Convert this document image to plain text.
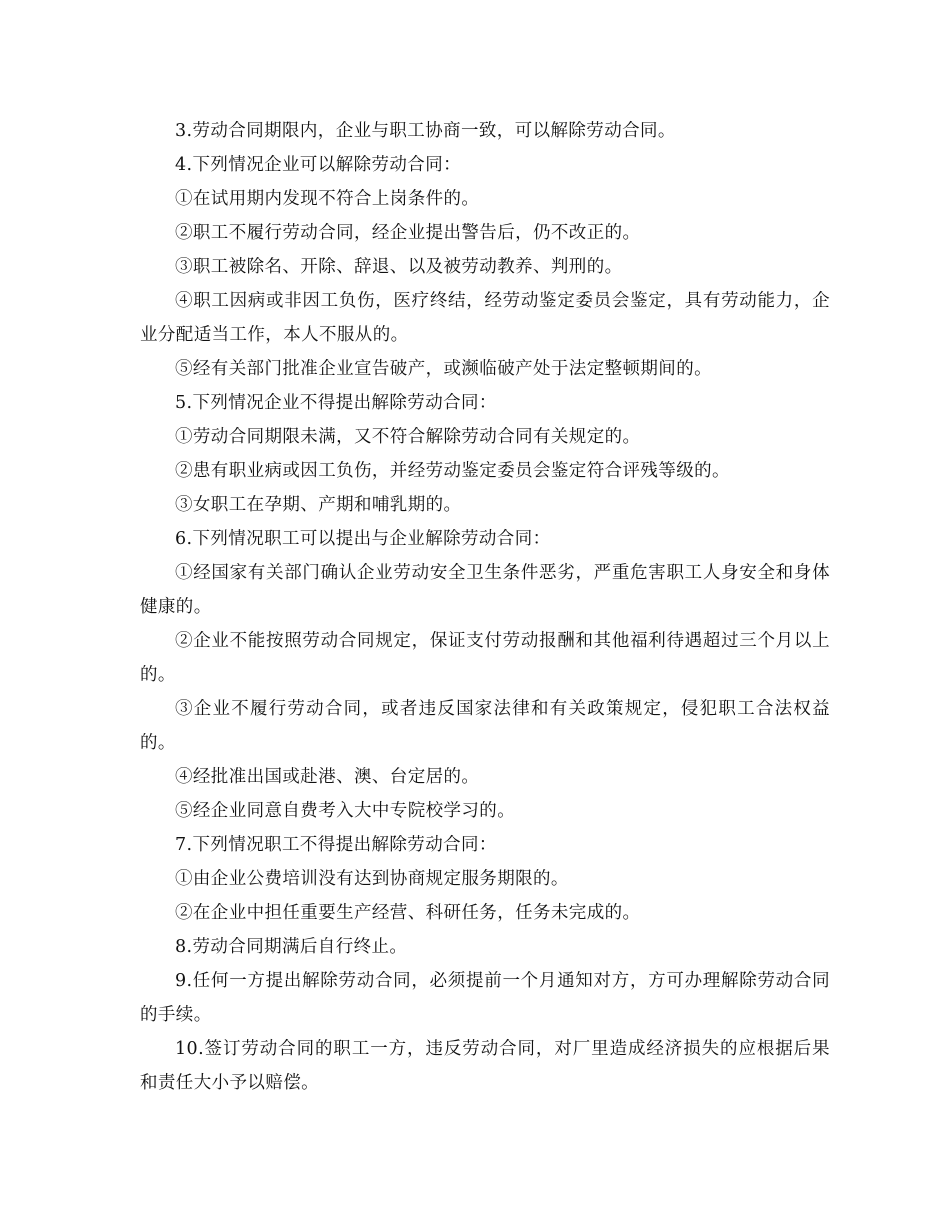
3.劳动合同期限内，企业与职工协商一致，可以解除劳动合同。

4.下列情况企业可以解除劳动合同：

①在试用期内发现不符合上岗条件的。

②职工不履行劳动合同，经企业提出警告后，仍不改正的。

③职工被除名、开除、辞退、以及被劳动教养、判刑的。

④职工因病或非因工负伤，医疗终结，经劳动鉴定委员会鉴定，具有劳动能力，企业分配适当工作，本人不服从的。

⑤经有关部门批准企业宣告破产，或濒临破产处于法定整顿期间的。

5.下列情况企业不得提出解除劳动合同：

①劳动合同期限未满，又不符合解除劳动合同有关规定的。

②患有职业病或因工负伤，并经劳动鉴定委员会鉴定符合评残等级的。

③女职工在孕期、产期和哺乳期的。

6.下列情况职工可以提出与企业解除劳动合同：

①经国家有关部门确认企业劳动安全卫生条件恶劣，严重危害职工人身安全和身体健康的。

②企业不能按照劳动合同规定，保证支付劳动报酬和其他福利待遇超过三个月以上的。

③企业不履行劳动合同，或者违反国家法律和有关政策规定，侵犯职工合法权益的。

④经批准出国或赴港、澳、台定居的。

⑤经企业同意自费考入大中专院校学习的。

7.下列情况职工不得提出解除劳动合同：

①由企业公费培训没有达到协商规定服务期限的。

②在企业中担任重要生产经营、科研任务，任务未完成的。

8.劳动合同期满后自行终止。

9.任何一方提出解除劳动合同，必须提前一个月通知对方，方可办理解除劳动合同的手续。

10.签订劳动合同的职工一方，违反劳动合同，对厂里造成经济损失的应根据后果和责任大小予以赔偿。
